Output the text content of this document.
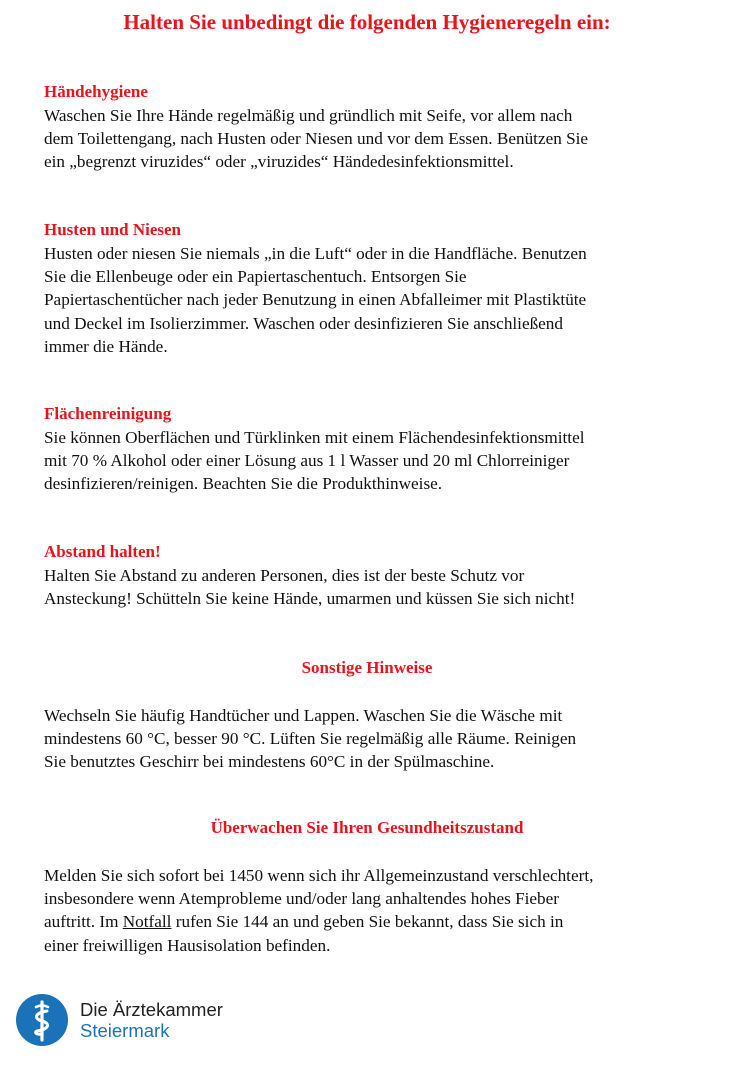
Halten Sie unbedingt die folgenden Hygieneregeln ein:
Händehygiene
Waschen Sie Ihre Hände regelmäßig und gründlich mit Seife, vor allem nach
dem Toilettengang, nach Husten oder Niesen und vor dem Essen. Benützen Sie
ein „begrenzt viruzides“ oder „viruzides“ Händedesinfektionsmittel.
Husten und Niesen
Husten oder niesen Sie niemals „in die Luft“ oder in die Handfläche. Benutzen
Sie die Ellenbeuge oder ein Papiertaschentuch. Entsorgen Sie
Papiertaschentücher nach jeder Benutzung in einen Abfalleimer mit Plastiktüte
und Deckel im Isolierzimmer. Waschen oder desinfizieren Sie anschließend
immer die Hände.
Flächenreinigung
Sie können Oberflächen und Türklinken mit einem Flächendesinfektionsmittel
mit 70 % Alkohol oder einer Lösung aus 1 l Wasser und 20 ml Chlorreiniger
desinfizieren/reinigen. Beachten Sie die Produkthinweise.
Abstand halten!
Halten Sie Abstand zu anderen Personen, dies ist der beste Schutz vor
Ansteckung! Schütteln Sie keine Hände, umarmen und küssen Sie sich nicht!
Sonstige Hinweise
Wechseln Sie häufig Handtücher und Lappen. Waschen Sie die Wäsche mit
mindestens 60 °C, besser 90 °C. Lüften Sie regelmäßig alle Räume. Reinigen
Sie benutztes Geschirr bei mindestens 60°C in der Spülmaschine.
Überwachen Sie Ihren Gesundheitszustand
Melden Sie sich sofort bei 1450 wenn sich ihr Allgemeinzustand verschlechtert,
insbesondere wenn Atemprobleme und/oder lang anhaltendes hohes Fieber
auftritt. Im Notfall rufen Sie 144 an und geben Sie bekannt, dass Sie sich in
einer freiwilligen Hausisolation befinden.
Die Ärztekammer
Steiermark
